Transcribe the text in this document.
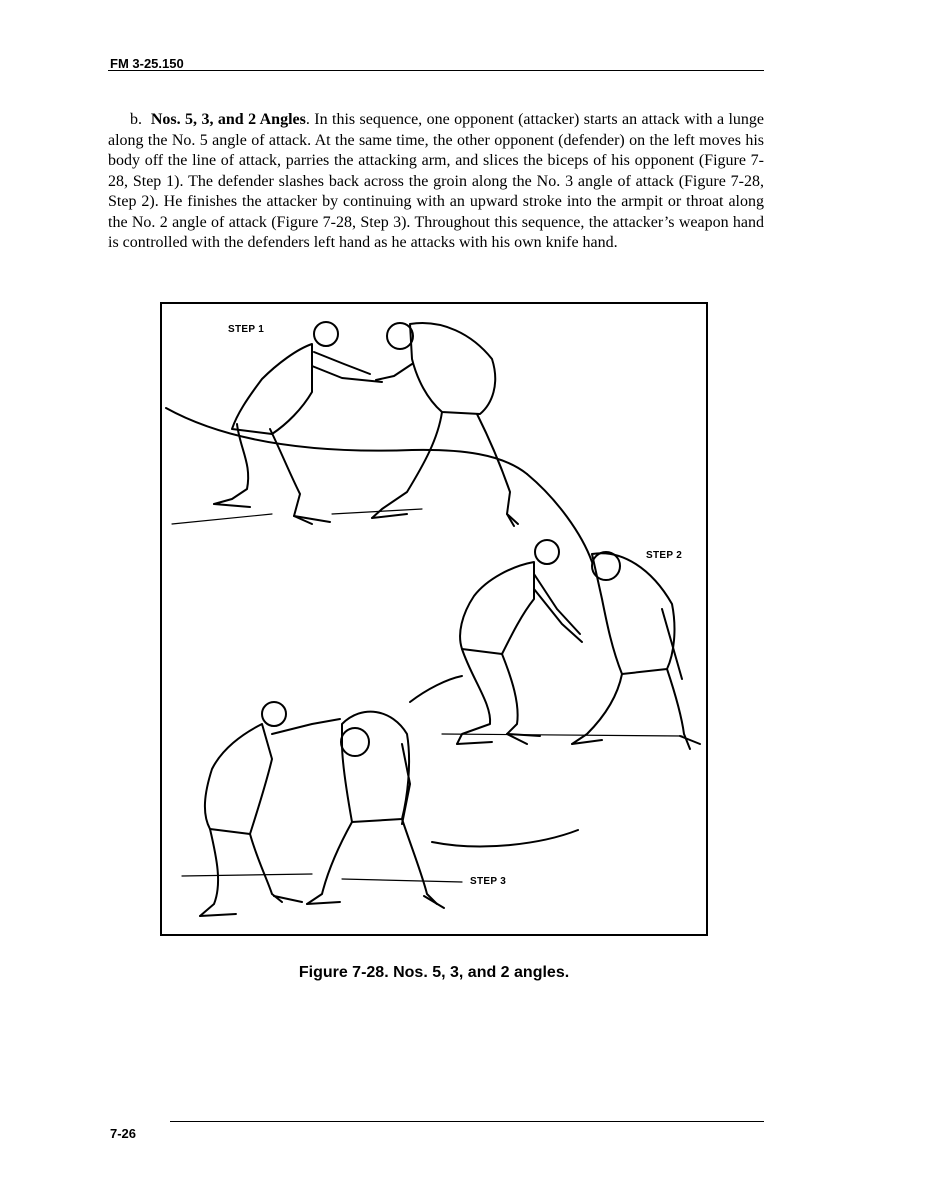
FM 3-25.150

b. Nos. 5, 3, and 2 Angles. In this sequence, one opponent (attacker) starts an attack with a lunge along the No. 5 angle of attack. At the same time, the other opponent (defender) on the left moves his body off the line of attack, parries the attacking arm, and slices the biceps of his opponent (Figure 7-28, Step 1). The defender slashes back across the groin along the No. 3 angle of attack (Figure 7-28, Step 2). He finishes the attacker by continuing with an upward stroke into the armpit or throat along the No. 2 angle of attack (Figure 7-28, Step 3). Throughout this sequence, the attacker’s weapon hand is controlled with the defenders left hand as he attacks with his own knife hand.

STEP 1
STEP 2
STEP 3
Figure 7-28. Nos. 5, 3, and 2 angles.
7-26
